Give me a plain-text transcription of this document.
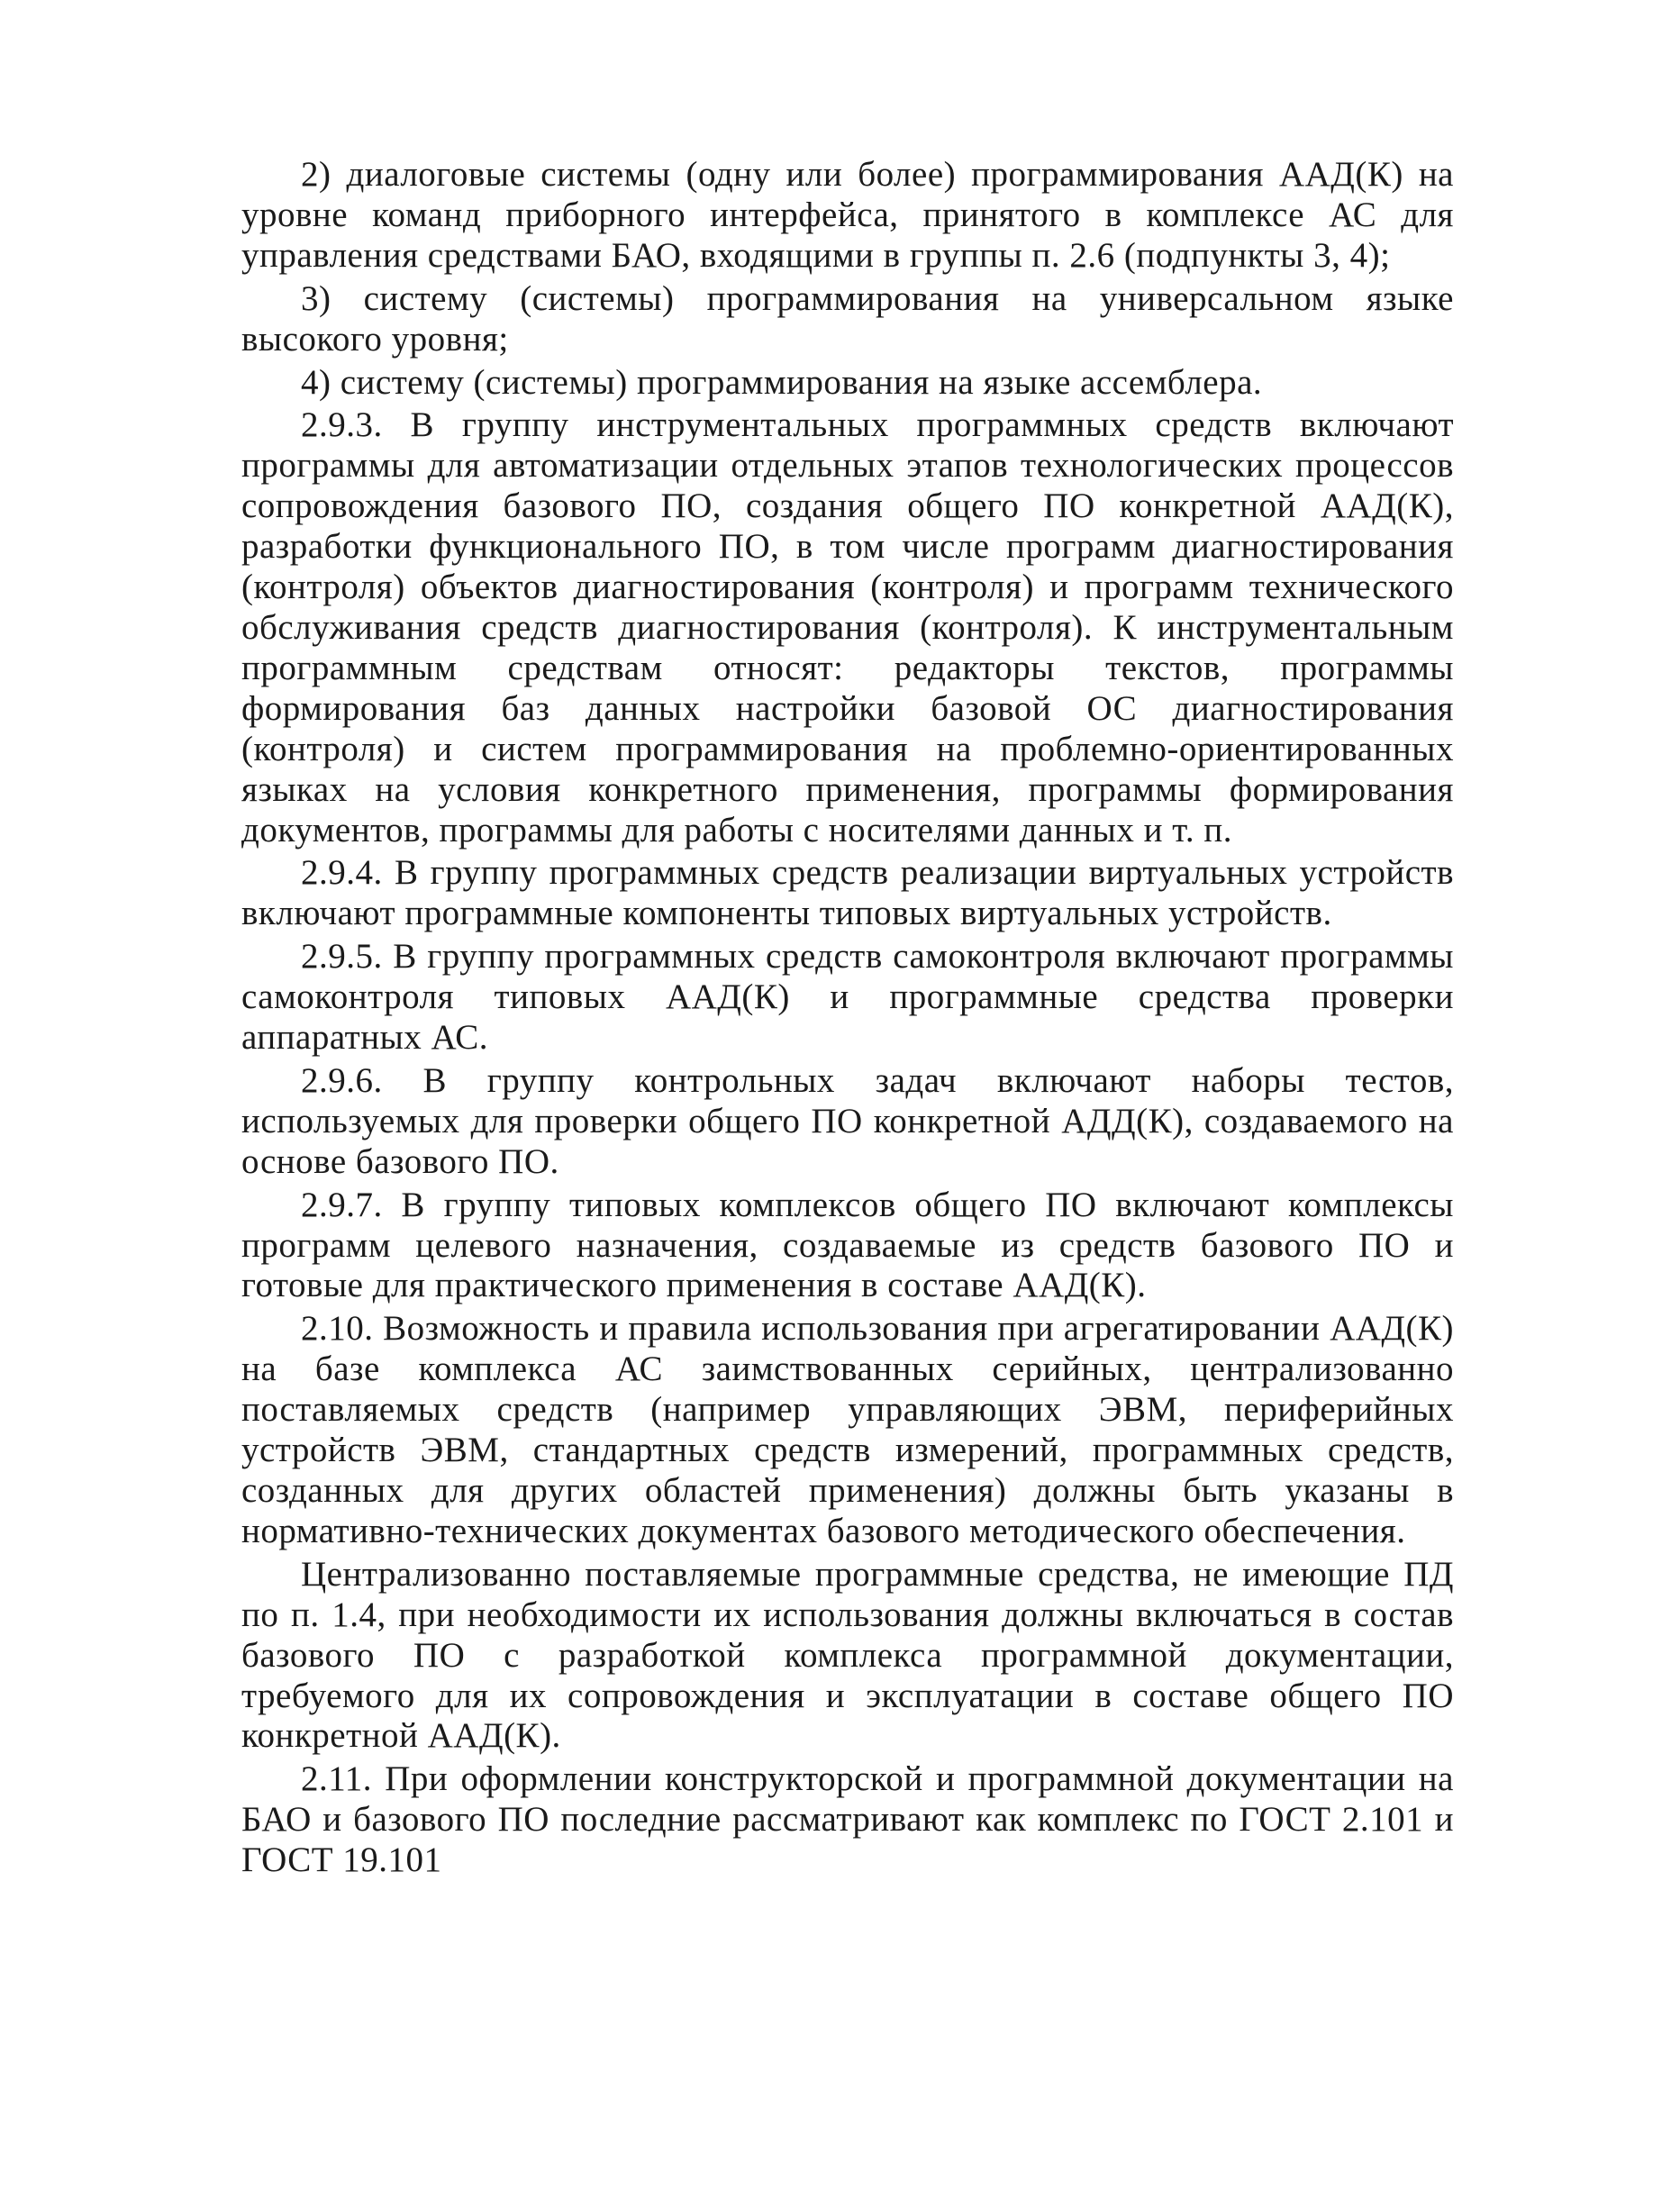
2) диалоговые системы (одну или более) программирования ААД(К) на уровне команд приборного интерфейса, принятого в комплексе АС для управления средствами БАО, входящими в группы п. 2.6 (подпункты 3, 4);

3) систему (системы) программирования на универсальном языке высокого уровня;

4) систему (системы) программирования на языке ассемблера.

2.9.3. В группу инструментальных программных средств включают программы для автоматизации отдельных этапов технологических процессов сопровождения базового ПО, создания общего ПО конкретной ААД(К), разработки функционального ПО, в том числе программ диагностирования (контроля) объектов диагностирования (контроля) и программ технического обслуживания средств диагностирования (контроля). К инструментальным программным средствам относят: редакторы текстов, программы формирования баз данных настройки базовой ОС диагностирования (контроля) и систем программирования на проблемно-ориентированных языках на условия конкретного применения, программы формирования документов, программы для работы с носителями данных и т. п.

2.9.4. В группу программных средств реализации виртуальных устройств включают программные компоненты типовых виртуальных устройств.

2.9.5. В группу программных средств самоконтроля включают программы самоконтроля типовых ААД(К) и программные средства проверки аппаратных АС.

2.9.6. В группу контрольных задач включают наборы тестов, используемых для проверки общего ПО конкретной АДД(К), создаваемого на основе базового ПО.

2.9.7. В группу типовых комплексов общего ПО включают комплексы программ целевого назначения, создаваемые из средств базового ПО и готовые для практического применения в составе ААД(К).

2.10. Возможность и правила использования при агрегатировании ААД(К) на базе комплекса АС заимствованных серийных, централизованно поставляемых средств (например управляющих ЭВМ, периферийных устройств ЭВМ, стандартных средств измерений, программных средств, созданных для других областей применения) должны быть указаны в нормативно-технических документах базового методического обеспечения.

Централизованно поставляемые программные средства, не имеющие ПД по п. 1.4, при необходимости их использования должны включаться в состав базового ПО с разработкой комплекса программной документации, требуемого для их сопровождения и эксплуатации в составе общего ПО конкретной ААД(К).

2.11. При оформлении конструкторской и программной документации на БАО и базового ПО последние рассматривают как комплекс по ГОСТ 2.101 и ГОСТ 19.101
